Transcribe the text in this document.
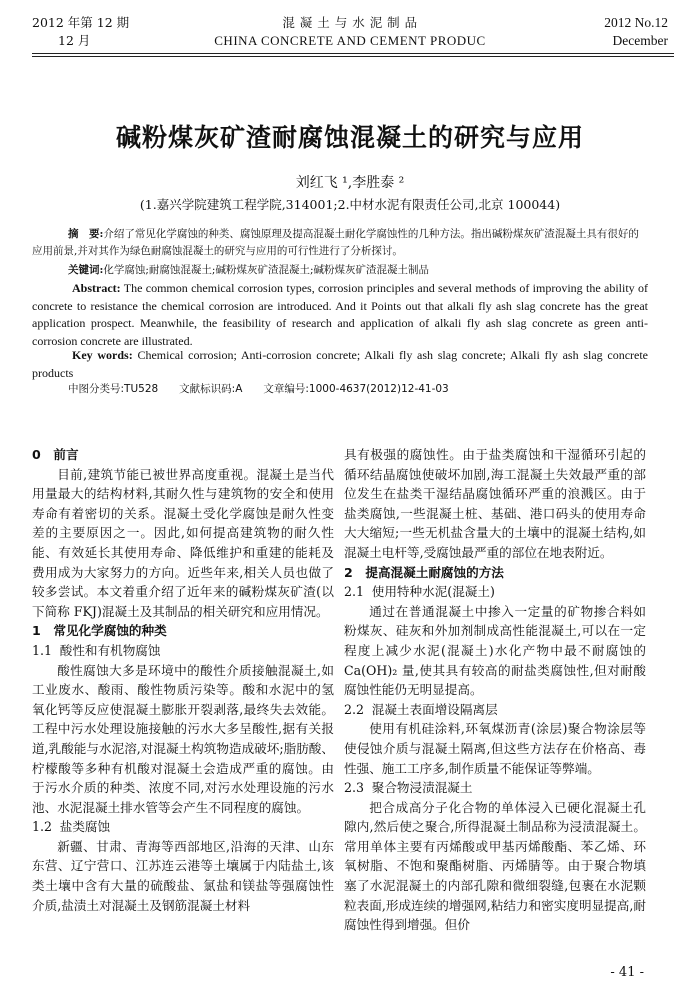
2012 年第 12 期
12 月
混 凝 土 与 水 泥 制 品
CHINA CONCRETE AND CEMENT PRODUC
2012 No.12
December
碱粉煤灰矿渣耐腐蚀混凝土的研究与应用
刘红飞 ¹,李胜泰 ²
(1.嘉兴学院建筑工程学院,314001;2.中材水泥有限责任公司,北京 100044)
摘　要:介绍了常见化学腐蚀的种类、腐蚀原理及提高混凝土耐化学腐蚀性的几种方法。指出碱粉煤灰矿渣混凝土具有很好的应用前景,并对其作为绿色耐腐蚀混凝土的研究与应用的可行性进行了分析探讨。
关键词:化学腐蚀;耐腐蚀混凝土;碱粉煤灰矿渣混凝土;碱粉煤灰矿渣混凝土制品
Abstract: The common chemical corrosion types, corrosion principles and several methods of improving the ability of concrete to resistance the chemical corrosion are introduced. And it Points out that alkali fly ash slag concrete has the great application prospect. Meanwhile, the feasibility of research and application of alkali fly ash slag concrete as green anti-corrosion concrete are illustrated.
Key words: Chemical corrosion; Anti-corrosion concrete; Alkali fly ash slag concrete; Alkali fly ash slag concrete products
中图分类号:TU528　　文献标识码:A　　文章编号:1000-4637(2012)12-41-03

0　前言

目前,建筑节能已被世界高度重视。混凝土是当代用量最大的结构材料,其耐久性与建筑物的安全和使用寿命有着密切的关系。混凝土受化学腐蚀是耐久性变差的主要原因之一。因此,如何提高建筑物的耐久性能、有效延长其使用寿命、降低维护和重建的能耗及费用成为大家努力的方向。近些年来,相关人员也做了较多尝试。本文着重介绍了近年来的碱粉煤灰矿渣(以下简称 FKJ)混凝土及其制品的相关研究和应用情况。

1　常见化学腐蚀的种类

1.1 酸性和有机物腐蚀

酸性腐蚀大多是环境中的酸性介质接触混凝土,如工业废水、酸雨、酸性物质污染等。酸和水泥中的氢氧化钙等反应使混凝土膨胀开裂剥落,最终失去效能。工程中污水处理设施接触的污水大多呈酸性,据有关报道,乳酸能与水泥溶,对混凝土构筑物造成破坏;脂肪酸、柠檬酸等多种有机酸对混凝土会造成严重的腐蚀。由于污水介质的种类、浓度不同,对污水处理设施的污水池、水泥混凝土排水管等会产生不同程度的腐蚀。

1.2 盐类腐蚀

新疆、甘肃、青海等西部地区,沿海的天津、山东东营、辽宁营口、江苏连云港等土壤属于内陆盐土,该类土壤中含有大量的硫酸盐、氯盐和镁盐等强腐蚀性介质,盐渍土对混凝土及钢筋混凝土材料

具有极强的腐蚀性。由于盐类腐蚀和干湿循环引起的循环结晶腐蚀使破坏加剧,海工混凝土失效最严重的部位发生在盐类干湿结晶腐蚀循环严重的浪溅区。由于盐类腐蚀,一些混凝土桩、基础、港口码头的使用寿命大大缩短;一些无机盐含量大的土壤中的混凝土结构,如混凝土电杆等,受腐蚀最严重的部位在地表附近。

2　提高混凝土耐腐蚀的方法

2.1 使用特种水泥(混凝土)

通过在普通混凝土中掺入一定量的矿物掺合料如粉煤灰、硅灰和外加剂制成高性能混凝土,可以在一定程度上减少水泥(混凝土)水化产物中最不耐腐蚀的 Ca(OH)₂ 量,使其具有较高的耐盐类腐蚀性,但对耐酸腐蚀性能仍无明显提高。

2.2 混凝土表面增设隔离层

使用有机硅涂料,环氧煤沥青(涂层)聚合物涂层等使侵蚀介质与混凝土隔离,但这些方法存在价格高、毒性强、施工工序多,制作质量不能保证等弊端。

2.3 聚合物浸渍混凝土

把合成高分子化合物的单体浸入已硬化混凝土孔隙内,然后使之聚合,所得混凝土制品称为浸渍混凝土。常用单体主要有丙烯酸或甲基丙烯酸酯、苯乙烯、环氧树脂、不饱和聚酯树脂、丙烯腈等。由于聚合物填塞了水泥混凝土的内部孔隙和微细裂缝,包裹在水泥颗粒表面,形成连续的增强网,粘结力和密实度明显提高,耐腐蚀性得到增强。但价

- 41 -
